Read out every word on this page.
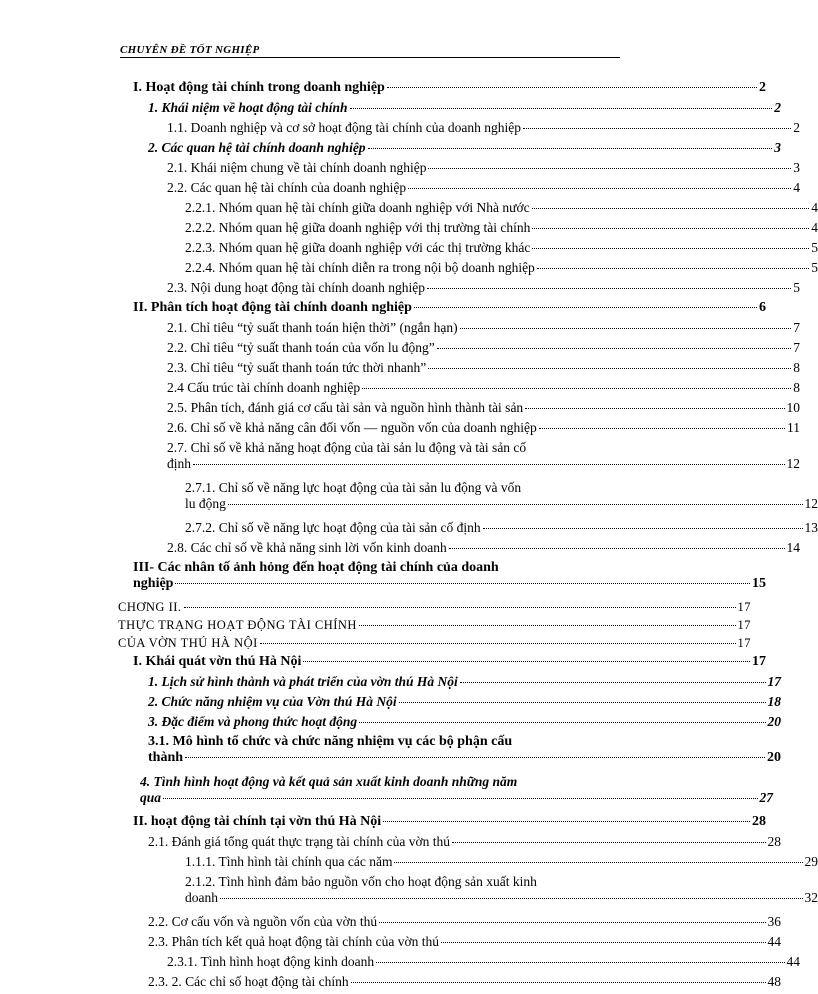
CHUYÊN ĐỀ TỐT NGHIỆP
I. Hoạt động tài chính trong doanh nghiệp	2
1. Khái niệm về hoạt động tài chính	2
1.1. Doanh nghiệp và cơ sở hoạt động tài chính của doanh nghiệp	2
2. Các quan hệ tài chính doanh nghiệp	3
2.1. Khái niệm chung về tài chính doanh nghiệp	3
2.2. Các quan hệ tài chính của doanh nghiệp	4
2.2.1. Nhóm quan hệ tài chính giữa doanh nghiệp với Nhà nước	4
2.2.2. Nhóm quan hệ giữa doanh nghiệp với thị trường tài chính	4
2.2.3. Nhóm quan hệ giữa doanh nghiệp với các thị trường khác	5
2.2.4. Nhóm quan hệ tài chính diễn ra trong nội bộ doanh nghiệp	5
2.3. Nội dung hoạt động tài chính doanh nghiệp	5
II. Phân tích hoạt động tài chính doanh nghiệp	6
2.1. Chỉ tiêu “tỷ suất thanh toán hiện thời” (ngắn hạn)	7
2.2. Chỉ tiêu “tỷ suất thanh toán của vốn lu động”	7
2.3. Chỉ tiêu “tỷ suất thanh toán tức thời nhanh”	8
2.4 Cấu trúc tài chính doanh nghiệp	8
2.5. Phân tích, đánh giá cơ cấu tài sản và nguồn hình thành tài sản	10
2.6. Chỉ số về khả năng cân đối vốn — nguồn vốn của doanh nghiệp	11
2.7. Chỉ số về khả năng hoạt động của tài sản lu động và tài sản cố
định	12
2.7.1. Chỉ số về năng lực hoạt động của tài sản lu động và vốn
lu động	12
2.7.2. Chỉ số về năng lực hoạt động của tài sản cố định	13
2.8. Các chỉ số về khả năng sinh lời vốn kinh doanh	14
III- Các nhân tố ảnh hỏng đến hoạt động tài chính của doanh
nghiệp	15
CHƠNG II.	17
THỰC TRẠNG HOẠT ĐỘNG TÀI CHÍNH	17
CỦA VỜN THÚ HÀ NỘI	17
I. Khái quát vờn thú Hà Nội	17
1. Lịch sử hình thành và phát triển của vờn thú Hà Nội	17
2. Chức năng nhiệm vụ của Vờn thú Hà Nội	18
3. Đặc điểm và phong thức hoạt động	20
3.1. Mô hình tổ chức và chức năng nhiệm vụ các bộ phận cấu
thành	20
4. Tình hình hoạt động và kết quả sản xuất kinh doanh những năm
qua	27
II. hoạt động tài chính tại vờn thú Hà Nội	28
2.1. Đánh giá tổng quát thực trạng tài chính của vờn thú	28
1.1.1. Tình hình tài chính qua các năm	29
2.1.2. Tình hình đảm bảo nguồn vốn cho hoạt động sản xuất kinh
doanh	32
2.2. Cơ cấu vốn và nguồn vốn của vờn thú	36
2.3. Phân tích kết quả hoạt động tài chính của vờn thú	44
2.3.1. Tình hình hoạt động kinh doanh	44
2.3. 2. Các chỉ số hoạt động tài chính	48
